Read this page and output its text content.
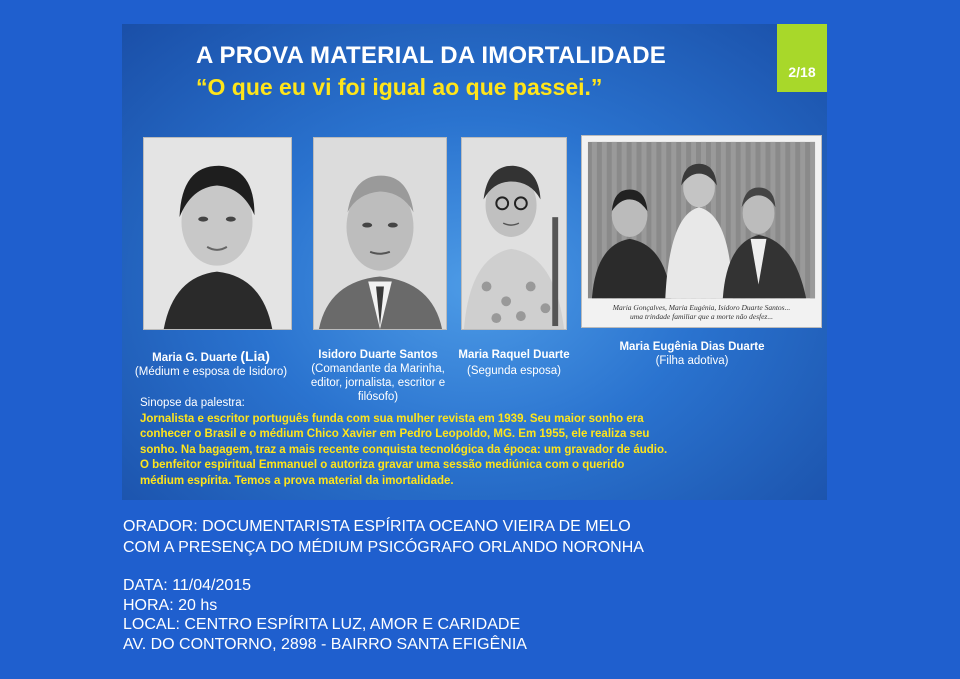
2/18
A PROVA MATERIAL DA IMORTALIDADE
“O que eu vi foi igual ao que passei.”
Maria Gonçalves, Maria Eugénia, Isidoro Duarte Santos...
uma trindade familiar que a morte não desfez...
Maria G. Duarte (Lia)
(Médium e esposa de Isidoro)
Isidoro Duarte Santos
(Comandante da Marinha,
editor, jornalista, escritor e
filósofo)
Maria Raquel Duarte
(Segunda esposa)
Maria Eugênia Dias Duarte
(Filha adotiva)
Sinopse da palestra:
Jornalista e escritor português funda com sua mulher revista em 1939. Seu maior sonho era
conhecer o Brasil e o médium Chico Xavier em Pedro Leopoldo, MG. Em 1955, ele realiza seu
sonho. Na bagagem, traz a mais recente conquista tecnológica da época: um gravador de áudio.
O benfeitor espiritual Emmanuel o autoriza gravar uma sessão mediúnica com o querido
médium espírita. Temos a prova material da imortalidade.
ORADOR: DOCUMENTARISTA ESPÍRITA OCEANO VIEIRA DE MELO
COM A PRESENÇA DO MÉDIUM PSICÓGRAFO ORLANDO NORONHA
DATA: 11/04/2015
HORA: 20 hs
LOCAL: CENTRO ESPÍRITA LUZ, AMOR E CARIDADE
AV. DO CONTORNO, 2898 - BAIRRO SANTA EFIGÊNIA
